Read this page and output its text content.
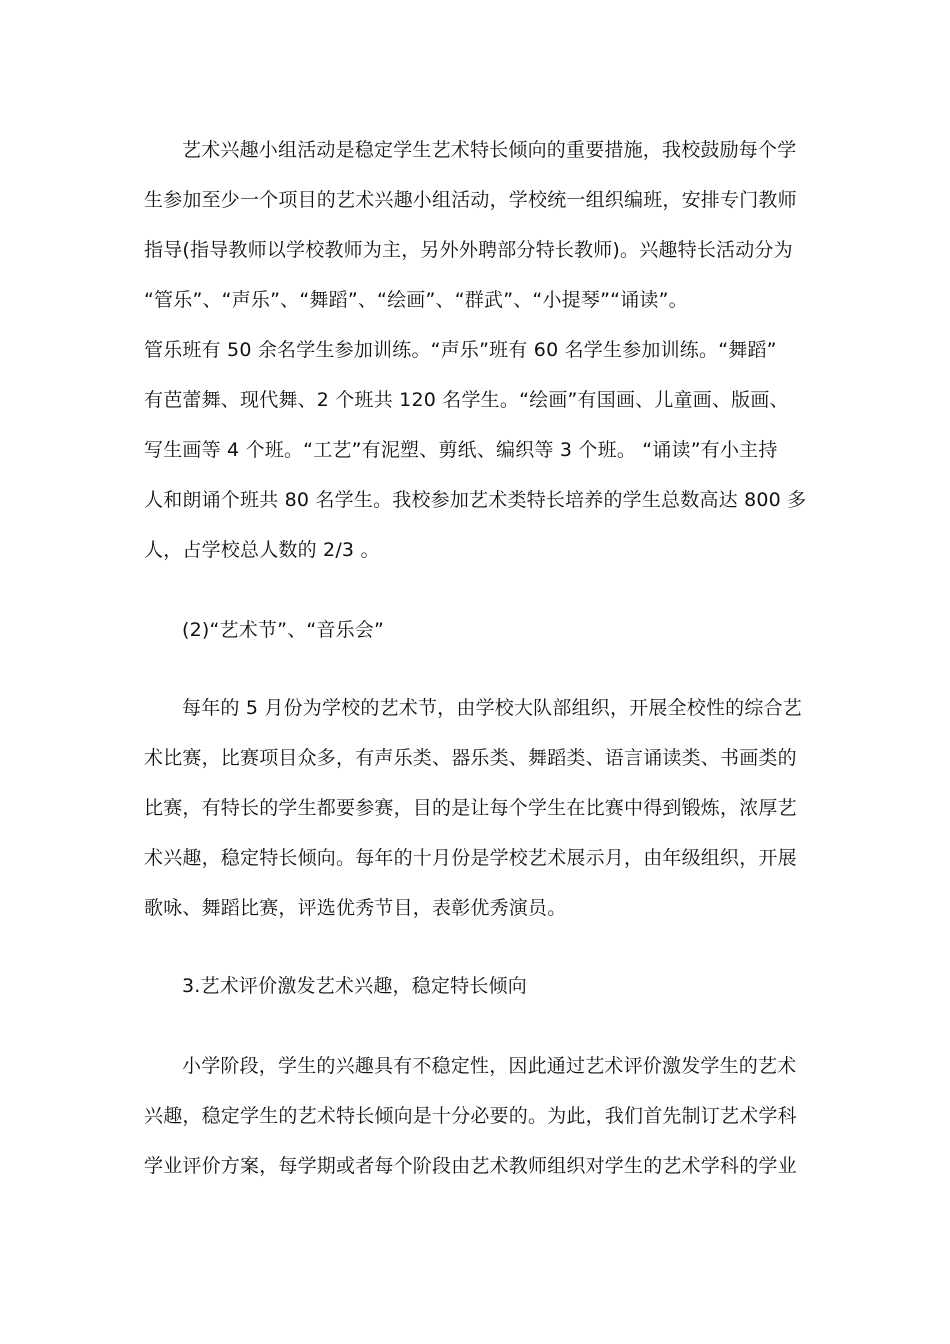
艺术兴趣小组活动是稳定学生艺术特长倾向的重要措施，我校鼓励每个学
生参加至少一个项目的艺术兴趣小组活动，学校统一组织编班，安排专门教师
指导(指导教师以学校教师为主，另外外聘部分特长教师)。兴趣特长活动分为
“管乐”、“声乐”、“舞蹈”、“绘画”、“群武”、“小提琴”“诵读”。
管乐班有 50 余名学生参加训练。“声乐”班有 60 名学生参加训练。“舞蹈”
有芭蕾舞、现代舞、2 个班共 120 名学生。“绘画”有国画、儿童画、版画、
写生画等 4 个班。“工艺”有泥塑、剪纸、编织等 3 个班。 “诵读”有小主持
人和朗诵个班共 80 名学生。我校参加艺术类特长培养的学生总数高达 800 多
人，占学校总人数的 2/3 。
(2)“艺术节”、“音乐会”
每年的 5 月份为学校的艺术节，由学校大队部组织，开展全校性的综合艺
术比赛，比赛项目众多，有声乐类、器乐类、舞蹈类、语言诵读类、书画类的
比赛，有特长的学生都要参赛，目的是让每个学生在比赛中得到锻炼，浓厚艺
术兴趣，稳定特长倾向。每年的十月份是学校艺术展示月，由年级组织，开展
歌咏、舞蹈比赛，评选优秀节目，表彰优秀演员。
3.艺术评价激发艺术兴趣，稳定特长倾向
小学阶段，学生的兴趣具有不稳定性，因此通过艺术评价激发学生的艺术
兴趣，稳定学生的艺术特长倾向是十分必要的。为此，我们首先制订艺术学科
学业评价方案，每学期或者每个阶段由艺术教师组织对学生的艺术学科的学业
